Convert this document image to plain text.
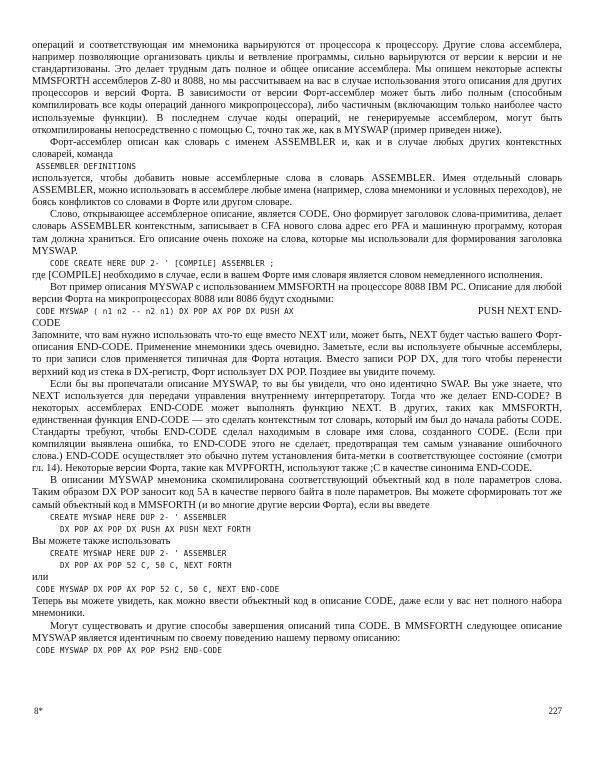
операций и соответствующая им мнемоника варьируются от процессора к процессору. Другие слова ассемблера, например позволяющие организовать циклы и ветвление программы, сильно варьируются от версии к версии и не стандартизованы. Это делает трудным дать полное и общее описание ассемблера. Мы опишем некоторые аспекты MMSFORTH ассемблеров Z-80 и 8088, но мы рассчитываем на вас в случае использования этого описания для других процессоров и версий Форта. В зависимости от версии Форт-ассемблер может быть либо полным (способным компилировать все коды операций данного микропроцессора), либо частичным (включающим только наиболее часто используемые функции). В последнем случае коды операций, не генерируемые ассемблером, могут быть откомпилированы непосредственно с помощью C, точно так же, как в MYSWAP (пример приведен ниже).

Форт-ассемблер описан как словарь с именем ASSEMBLER и, как и в случае любых других контекстных словарей, команда

ASSEMBLER DEFINITIONS

используется, чтобы добавить новые ассемблерные слова в словарь ASSEMBLER. Имея отдельный словарь ASSEMBLER, можно использовать в ассемблере любые имена (например, слова мнемоники и условных переходов), не боясь конфликтов со словами в Форте или другом словаре.

Слово, открывающее ассемблерное описание, является CODE. Оно формирует заголовок слова-примитива, делает словарь ASSEMBLER контекстным, записывает в CFA нового слова адрес его PFA и машинную программу, которая там должна храниться. Его описание очень похоже на слова, которые мы использовали для формирования заголовка MYSWAP.

CODE CREATE HERE DUP 2- ' [COMPILE] ASSEMBLER ;

где [COMPILE] необходимо в случае, если в вашем Форте имя словаря является словом немедленного исполнения.

Вот пример описания MYSWAP с использованием MMSFORTH на процессоре 8088 IBM PC. Описание для любой версии Форта на микропроцессорах 8088 или 8086 будут сходными:

CODE MYSWAP ( n1 n2 -- n2 n1) DX POP AX POP DX PUSH AX	PUSH NEXT END-

CODE

Запомните, что вам нужно использовать что-то еще вместо NEXT или, может быть, NEXT будет частью вашего Форт-описания END-CODE. Применение мнемоники здесь очевидно. Заметьте, если вы используете обычные ассемблеры, то при записи слов применяется типичная для Форта нотация. Вместо записи POP DX, для того чтобы перенести верхний код из стека в DX-регистр, Форт использует DX POP. Поздиее вы увидите почему.

Если бы вы пропечатали описание MYSWAP, то вы бы увидели, что оно идентично SWAP. Вы уже знаете, что NEXT используется для передачи управления внутреннему интерпретатору. Тогда что же делает END-CODE? В некоторых ассемблерах END-CODE может выполнять функцию NEXT. В других, таких как MMSFORTH, единственная функция END-CODE — это сделать контекстным тот словарь, который им был до начала работы CODE. Стандарты требуют, чтобы END-CODE сделал находимым в словаре имя слова, созданного CODE. (Если при компиляции выявлена ошибка, то END-CODE этого не сделает, предотвращая тем самым узнавание ошибочного слова.) END-CODE осуществляет это обычно путем установления бита-метки в соответствующее состояние (смотри гл. 14). Некоторые версии Форта, такие как MVPFORTH, используют также ;C в качестве синонима END-CODE.

В описании MYSWAP мнемоника скомпилирована соответствующий объектный код в поле параметров слова. Таким образом DX POP заносит код 5A в качестве первого байта в поле параметров. Вы можете сформировать тот же самый объектный код в MMSFORTH (и во многие другие версии Форта), если вы введете

CREATE MYSWAP HERE DUP 2- ' ASSEMBLER
DX POP AX POP DX PUSH AX PUSH NEXT FORTH

Вы можете также использовать

CREATE MYSWAP HERE DUP 2- ' ASSEMBLER
DX POP AX POP 52 C, 50 C, NEXT FORTH

или

CODE MYSWAP DX POP AX POP 52 C, 50 C, NEXT END-CODE

Теперь вы можете увидеть, как можно ввести объектный код в описание CODE, даже если у вас нет полного набора мнемоники.

Могут существовать и другие способы завершения описаний типа CODE. В MMSFORTH следующее описание MYSWAP является идентичным по своему поведению нашему первому описанию:

CODE MYSWAP DX POP AX POP PSH2 END-CODE
8*	227
